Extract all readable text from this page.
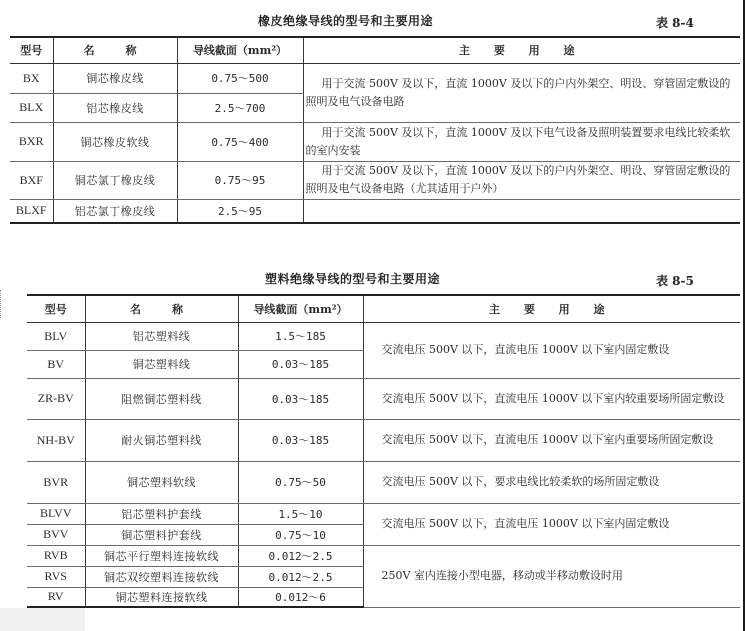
橡皮绝缘导线的型号和主要用途	表 8-4
型号	名　称	导线截面（mm²）	主 要 用 途
BX	铜芯橡皮线	0.75～500	用于交流 500V 及以下，直流 1000V 及以下的户内外架空、明设、穿管固定敷设的照明及电气设备电路
BLX	铝芯橡皮线	2.5～700	
BXR	铜芯橡皮软线	0.75～400	用于交流 500V 及以下，直流 1000V 及以下电气设备及照明装置要求电线比较柔软的室内安装
BXF	铜芯氯丁橡皮线	0.75～95	用于交流 500V 及以下，直流 1000V 及以下的户内外架空、明设、穿管固定敷设的照明及电气设备电路（尤其适用于户外）
BLXF	铝芯氯丁橡皮线	2.5～95	
塑料绝缘导线的型号和主要用途	表 8-5
型号	名　称	导线截面（mm²）	主 要 用 途
BLV	铝芯塑料线	1.5～185	交流电压 500V 以下，直流电压 1000V 以下室内固定敷设
BV	铜芯塑料线	0.03～185	
ZR-BV	阻燃铜芯塑料线	0.03～185	交流电压 500V 以下，直流电压 1000V 以下室内较重要场所固定敷设
NH-BV	耐火铜芯塑料线	0.03～185	交流电压 500V 以下，直流电压 1000V 以下室内重要场所固定敷设
BVR	铜芯塑料软线	0.75～50	交流电压 500V 以下，要求电线比较柔软的场所固定敷设
BLVV	铝芯塑料护套线	1.5～10	交流电压 500V 以下，直流电压 1000V 以下室内固定敷设
BVV	铜芯塑料护套线	0.75～10	
RVB	铜芯平行塑料连接软线	0.012～2.5	250V 室内连接小型电器，移动或半移动敷设时用
RVS	铜芯双绞塑料连接软线	0.012～2.5	
RV	铜芯塑料连接软线	0.012～6	
